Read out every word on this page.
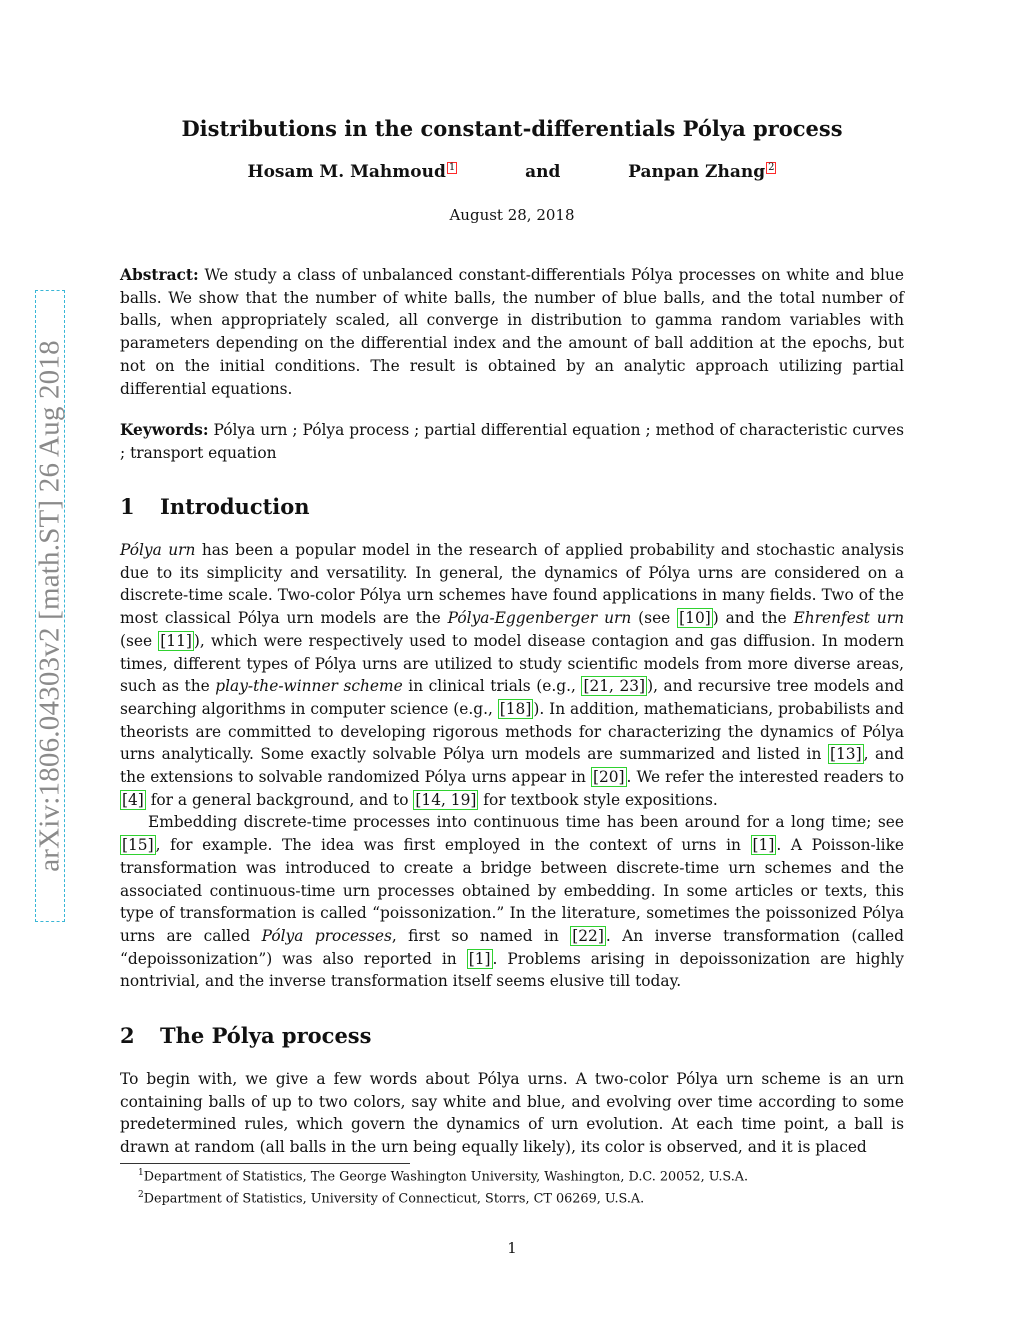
arXiv:1806.04303v2 [math.ST] 26 Aug 2018
Distributions in the constant-differentials Pólya process
Hosam M. Mahmoud 1	and	Panpan Zhang 2
August 28, 2018

Abstract: We study a class of unbalanced constant-differentials Pólya processes on white and blue balls. We show that the number of white balls, the number of blue balls, and the total number of balls, when appropriately scaled, all converge in distribution to gamma random variables with parameters depending on the differential index and the amount of ball addition at the epochs, but not on the initial conditions. The result is obtained by an analytic approach utilizing partial differential equations.

Keywords: Pólya urn ; Pólya process ; partial differential equation ; method of characteristic curves ; transport equation

1 Introduction

Pólya urn has been a popular model in the research of applied probability and stochastic analysis due to its simplicity and versatility. In general, the dynamics of Pólya urns are considered on a discrete-time scale. Two-color Pólya urn schemes have found applications in many fields. Two of the most classical Pólya urn models are the Pólya-Eggenberger urn (see [10] ) and the Ehrenfest urn (see [11] ), which were respectively used to model disease contagion and gas diffusion. In modern times, different types of Pólya urns are utilized to study scientific models from more diverse areas, such as the play-the-winner scheme in clinical trials (e.g., [21, 23] ), and recursive tree models and searching algorithms in computer science (e.g., [18] ). In addition, mathematicians, probabilists and theorists are committed to developing rigorous methods for characterizing the dynamics of Pólya urns analytically. Some exactly solvable Pólya urn models are summarized and listed in [13] , and the extensions to solvable randomized Pólya urns appear in [20] . We refer the interested readers to [4] for a general background, and to [14, 19] for textbook style expositions.

Embedding discrete-time processes into continuous time has been around for a long time; see [15] , for example. The idea was first employed in the context of urns in [1] . A Poisson-like transformation was introduced to create a bridge between discrete-time urn schemes and the associated continuous-time urn processes obtained by embedding. In some articles or texts, this type of transformation is called “poissonization.” In the literature, sometimes the poissonized Pólya urns are called Pólya processes, first so named in [22] . An inverse transformation (called “depoissonization”) was also reported in [1] . Problems arising in depoissonization are highly nontrivial, and the inverse transformation itself seems elusive till today.

2 The Pólya process

To begin with, we give a few words about Pólya urns. A two-color Pólya urn scheme is an urn containing balls of up to two colors, say white and blue, and evolving over time according to some predetermined rules, which govern the dynamics of urn evolution. At each time point, a ball is drawn at random (all balls in the urn being equally likely), its color is observed, and it is placed

$^1$Department of Statistics, The George Washington University, Washington, D.C. 20052, U.S.A.
$^2$Department of Statistics, University of Connecticut, Storrs, CT 06269, U.S.A.
1
